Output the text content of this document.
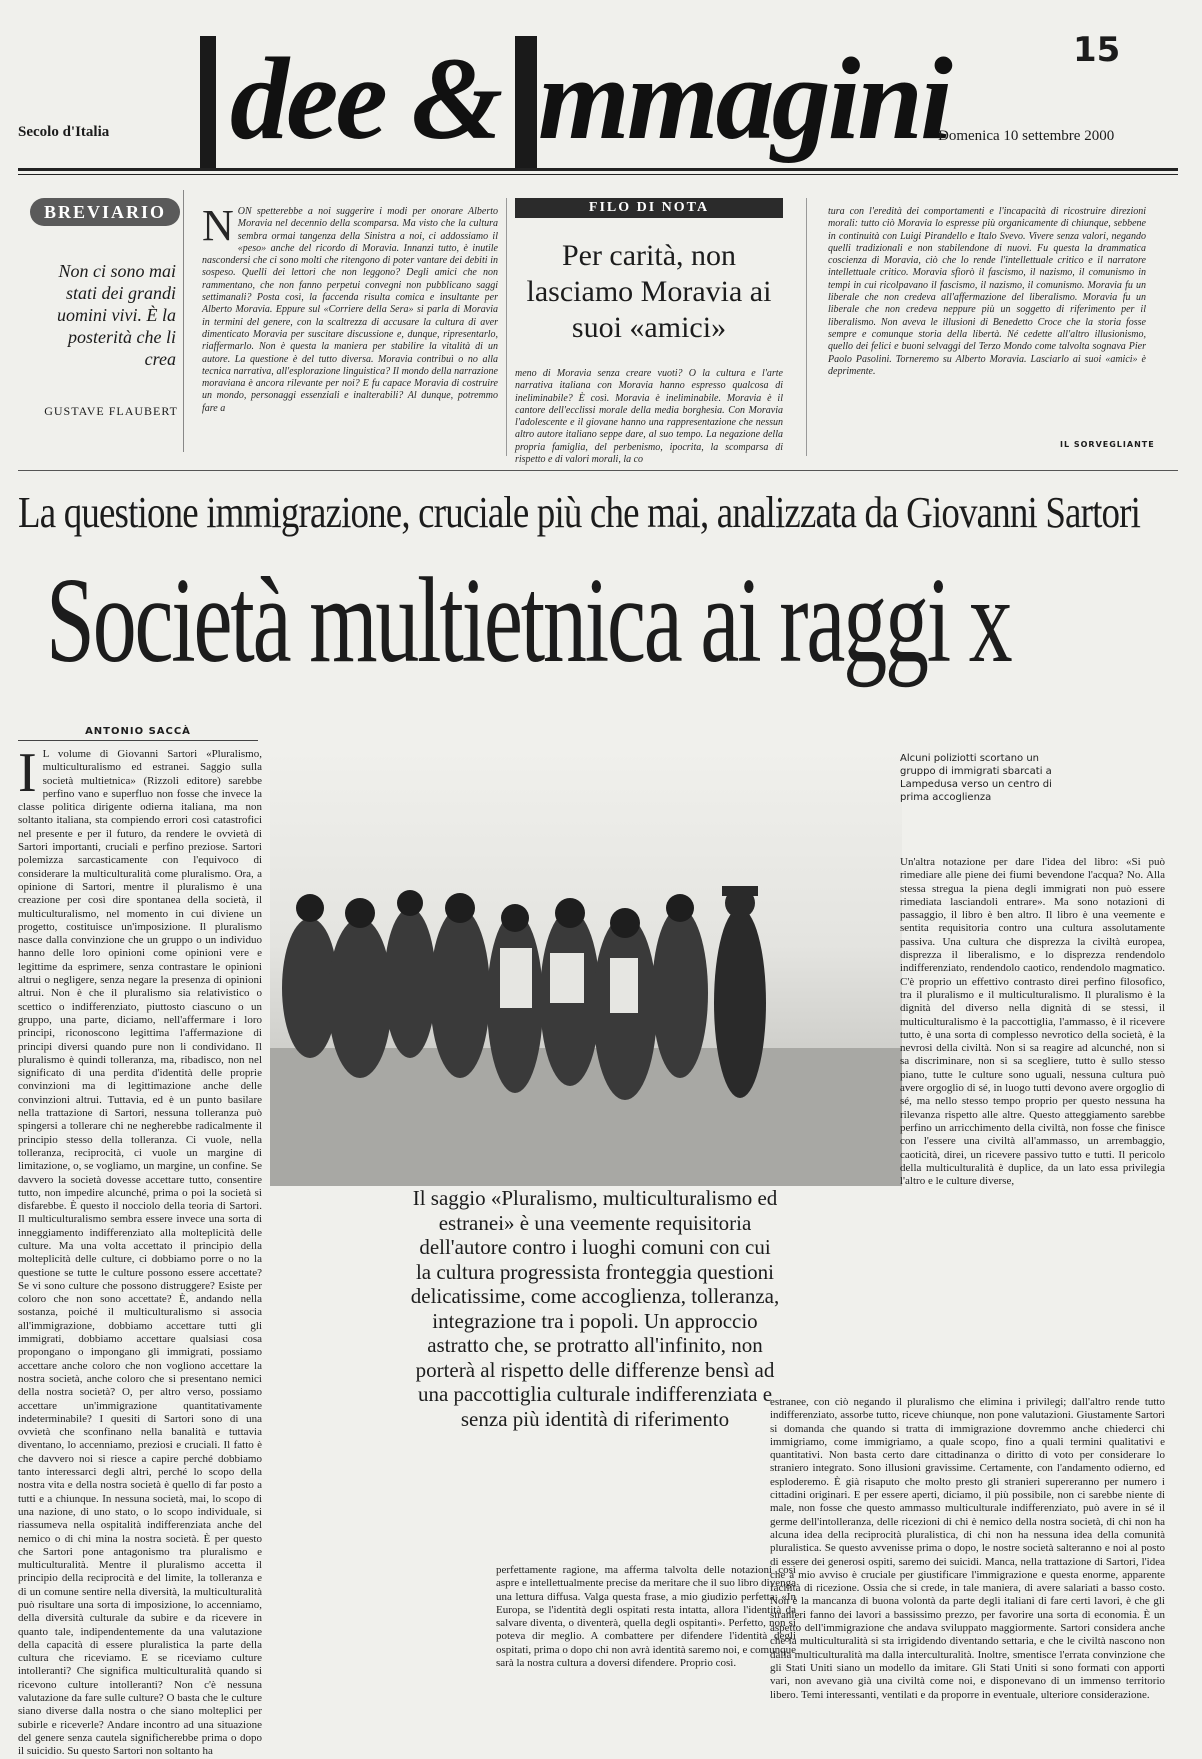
Secolo d'Italia dee & mmagini	15
Domenica 10 settembre 2000
BREVIARIO
Non ci sono mai stati dei grandi uomini vivi. È la posterità che li crea
GUSTAVE FLAUBERT
NON spetterebbe a noi suggerire i modi per onorare Alberto Moravia nel decennio della scomparsa. Ma visto che la cultura sembra ormai tangenza della Sinistra a noi, ci addossiamo il «peso» anche del ricordo di Moravia. Innanzi tutto, è inutile nascondersi che ci sono molti che ritengono di poter vantare dei debiti in sospeso. Quelli dei lettori che non leggono? Degli amici che non rammentano, che non fanno perpetui convegni non pubblicano saggi settimanali? Posta così, la faccenda risulta comica e insultante per Alberto Moravia. Eppure sul «Corriere della Sera» si parla di Moravia in termini del genere, con la scaltrezza di accusare la cultura di aver dimenticato Moravia per suscitare discussione e, dunque, ripresentarlo, riaffermarlo. Non è questa la maniera per stabilire la vitalità di un autore. La questione è del tutto diversa. Moravia contribuì o no alla tecnica narrativa, all'esplorazione linguistica? Il mondo della narrazione moraviana è ancora rilevante per noi? E fu capace Moravia di costruire un mondo, personaggi essenziali e inalterabili? Al dunque, potremmo fare a
FILO DI NOTA
Per carità, non lasciamo Moravia ai suoi «amici»
meno di Moravia senza creare vuoti? O la cultura e l'arte narrativa italiana con Moravia hanno espresso qualcosa di ineliminabile? È così. Moravia è ineliminabile. Moravia è il cantore dell'ecclissi morale della media borghesia. Con Moravia l'adolescente e il giovane hanno una rappresentazione che nessun altro autore italiano seppe dare, al suo tempo. La negazione della propria famiglia, del perbenismo, ipocrita, la scomparsa di rispetto e di valori morali, la co
tura con l'eredità dei comportamenti e l'incapacità di ricostruire direzioni morali: tutto ciò Moravia lo espresse più organicamente di chiunque, sebbene in continuità con Luigi Pirandello e Italo Svevo. Vivere senza valori, negando quelli tradizionali e non stabilendone di nuovi. Fu questa la drammatica coscienza di Moravia, ciò che lo rende l'intellettuale critico e il narratore intellettuale critico. Moravia sfiorò il fascismo, il nazismo, il comunismo in tempi in cui ricolpavano il fascismo, il nazismo, il comunismo. Moravia fu un liberale che non credeva all'affermazione del liberalismo. Moravia fu un liberale che non credeva neppure più un soggetto di riferimento per il liberalismo. Non aveva le illusioni di Benedetto Croce che la storia fosse sempre e comunque storia della libertà. Né cedette all'altro illusionismo, quello dei felici e buoni selvaggi del Terzo Mondo come talvolta sognava Pier Paolo Pasolini. Torneremo su Alberto Moravia. Lasciarlo ai suoi «amici» è deprimente.
IL SORVEGLIANTE
La questione immigrazione, cruciale più che mai, analizzata da Giovanni Sartori
Società multietnica ai raggi x
ANTONIO SACCÀ
I L volume di Giovanni Sartori «Pluralismo, multiculturalismo ed estranei. Saggio sulla società multietnica» (Rizzoli editore) sarebbe perfino vano e superfluo non fosse che invece la classe politica dirigente odierna italiana, ma non soltanto italiana, sta compiendo errori così catastrofici nel presente e per il futuro, da rendere le ovvietà di Sartori importanti, cruciali e perfino preziose. Sartori polemizza sarcasticamente con l'equivoco di considerare la multiculturalità come pluralismo. Ora, a opinione di Sartori, mentre il pluralismo è una creazione per così dire spontanea della società, il multiculturalismo, nel momento in cui diviene un progetto, costituisce un'imposizione. Il pluralismo nasce dalla convinzione che un gruppo o un individuo hanno delle loro opinioni come opinioni vere e legittime da esprimere, senza contrastare le opinioni altrui o negligere, senza negare la presenza di opinioni altrui. Non è che il pluralismo sia relativistico o scettico o indifferenziato, piuttosto ciascuno o un gruppo, una parte, diciamo, nell'affermare i loro principi, riconoscono legittima l'affermazione di principi diversi quando pure non li condividano. Il pluralismo è quindi tolleranza, ma, ribadisco, non nel significato di una perdita d'identità delle proprie convinzioni ma di legittimazione anche delle convinzioni altrui. Tuttavia, ed è un punto basilare nella trattazione di Sartori, nessuna tolleranza può spingersi a tollerare chi ne negherebbe radicalmente il principio stesso della tolleranza. Ci vuole, nella tolleranza, reciprocità, ci vuole un margine di limitazione, o, se vogliamo, un margine, un confine. Se davvero la società dovesse accettare tutto, consentire tutto, non impedire alcunché, prima o poi la società si disfarebbe. È questo il nocciolo della teoria di Sartori. Il multiculturalismo sembra essere invece una sorta di inneggiamento indifferenziato alla molteplicità delle culture. Ma una volta accettato il principio della molteplicità delle culture, ci dobbiamo porre o no la questione se tutte le culture possono essere accettate? Se vi sono culture che possono distruggere? Esiste per coloro che non sono accettate? È, andando nella sostanza, poiché il multiculturalismo si associa all'immigrazione, dobbiamo accettare tutti gli immigrati, dobbiamo accettare qualsiasi cosa propongano o impongano gli immigrati, possiamo accettare anche coloro che non vogliono accettare la nostra società, anche coloro che si presentano nemici della nostra società? O, per altro verso, possiamo accettare un'immigrazione quantitativamente indeterminabile? I quesiti di Sartori sono di una ovvietà che sconfinano nella banalità e tuttavia diventano, lo accenniamo, preziosi e cruciali. Il fatto è che davvero noi si riesce a capire perché dobbiamo tanto interessarci degli altri, perché lo scopo della nostra vita e della nostra società è quello di far posto a tutti e a chiunque. In nessuna società, mai, lo scopo di una nazione, di uno stato, o lo scopo individuale, si riassumeva nella ospitalità indifferenziata anche del nemico o di chi mina la nostra società. È per questo che Sartori pone antagonismo tra pluralismo e multiculturalità. Mentre il pluralismo accetta il principio della reciprocità e del limite, la tolleranza e di un comune sentire nella diversità, la multiculturalità può risultare una sorta di imposizione, lo accenniamo, della diversità culturale da subire e da ricevere in quanto tale, indipendentemente da una valutazione della capacità di essere pluralistica la parte della cultura che riceviamo. E se riceviamo culture intolleranti? Che significa multiculturalità quando si ricevono culture intolleranti? Non c'è nessuna valutazione da fare sulle culture? O basta che le culture siano diverse dalla nostra o che siano molteplici per subirle e riceverle? Andare incontro ad una situazione del genere senza cautela significherebbe prima o dopo il suicidio. Su questo Sartori non soltanto ha
Alcuni poliziotti scortano un gruppo di immigrati sbarcati a Lampedusa verso un centro di prima accoglienza
Un'altra notazione per dare l'idea del libro: «Si può rimediare alle piene dei fiumi bevendone l'acqua? No. Alla stessa stregua la piena degli immigrati non può essere rimediata lasciandoli entrare». Ma sono notazioni di passaggio, il libro è ben altro. Il libro è una veemente e sentita requisitoria contro una cultura assolutamente passiva. Una cultura che disprezza la civiltà europea, disprezza il liberalismo, e lo disprezza rendendolo indifferenziato, rendendolo caotico, rendendolo magmatico. C'è proprio un effettivo contrasto direi perfino filosofico, tra il pluralismo e il multiculturalismo. Il pluralismo è la dignità del diverso nella dignità di se stessi, il multiculturalismo è la paccottiglia, l'ammasso, è il ricevere tutto, è una sorta di complesso nevrotico della società, è la nevrosi della civiltà. Non si sa reagire ad alcunché, non si sa discriminare, non si sa scegliere, tutto è sullo stesso piano, tutte le culture sono uguali, nessuna cultura può avere orgoglio di sé, in luogo tutti devono avere orgoglio di sé, ma nello stesso tempo proprio per questo nessuna ha rilevanza rispetto alle altre. Questo atteggiamento sarebbe perfino un arricchimento della civiltà, non fosse che finisce con l'essere una civiltà all'ammasso, un arrembaggio, caoticità, direi, un ricevere passivo tutto e tutti. Il pericolo della multiculturalità è duplice, da un lato essa privilegia l'altro e le culture diverse,
Il saggio «Pluralismo, multiculturalismo ed estranei» è una veemente requisitoria dell'autore contro i luoghi comuni con cui la cultura progressista fronteggia questioni delicatissime, come accoglienza, tolleranza, integrazione tra i popoli. Un approccio astratto che, se protratto all'infinito, non porterà al rispetto delle differenze bensì ad una paccottiglia culturale indifferenziata e senza più identità di riferimento
perfettamente ragione, ma afferma talvolta delle notazioni così aspre e intellettualmente precise da meritare che il suo libro divenga una lettura diffusa. Valga questa frase, a mio giudizio perfetta: «In Europa, se l'identità degli ospitati resta intatta, allora l'identità da salvare diventa, o diventerà, quella degli ospitanti». Perfetto, non si poteva dir meglio. A combattere per difendere l'identità degli ospitati, prima o dopo chi non avrà identità saremo noi, e comunque sarà la nostra cultura a doversi difendere. Proprio così.
estranee, con ciò negando il pluralismo che elimina i privilegi; dall'altro rende tutto indifferenziato, assorbe tutto, riceve chiunque, non pone valutazioni. Giustamente Sartori si domanda che quando si tratta di immigrazione dovremmo anche chiederci chi immigriamo, come immigriamo, a quale scopo, fino a quali termini qualitativi e quantitativi. Non basta certo dare cittadinanza o diritto di voto per considerare lo straniero integrato. Sono illusioni gravissime. Certamente, con l'andamento odierno, ed esploderemo. È già risaputo che molto presto gli stranieri supereranno per numero i cittadini originari. E per essere aperti, diciamo, il più possibile, non ci sarebbe niente di male, non fosse che questo ammasso multiculturale indifferenziato, può avere in sé il germe dell'intolleranza, delle ricezioni di chi è nemico della nostra società, di chi non ha alcuna idea della reciprocità pluralistica, di chi non ha nessuna idea della comunità pluralistica. Se questo avvenisse prima o dopo, le nostre società salteranno e noi al posto di essere dei generosi ospiti, saremo dei suicidi. Manca, nella trattazione di Sartori, l'idea che a mio avviso è cruciale per giustificare l'immigrazione e questa enorme, apparente facilità di ricezione. Ossia che si crede, in tale maniera, di avere salariati a basso costo. Non è la mancanza di buona volontà da parte degli italiani di fare certi lavori, è che gli stranieri fanno dei lavori a bassissimo prezzo, per favorire una sorta di economia. È un aspetto dell'immigrazione che andava sviluppato maggiormente. Sartori considera anche che la multiculturalità si sta irrigidendo diventando settaria, e che le civiltà nascono non dalla multiculturalità ma dalla interculturalità. Inoltre, smentisce l'errata convinzione che gli Stati Uniti siano un modello da imitare. Gli Stati Uniti si sono formati con apporti vari, non avevano già una civiltà come noi, e disponevano di un immenso territorio libero. Temi interessanti, ventilati e da proporre in eventuale, ulteriore considerazione.
